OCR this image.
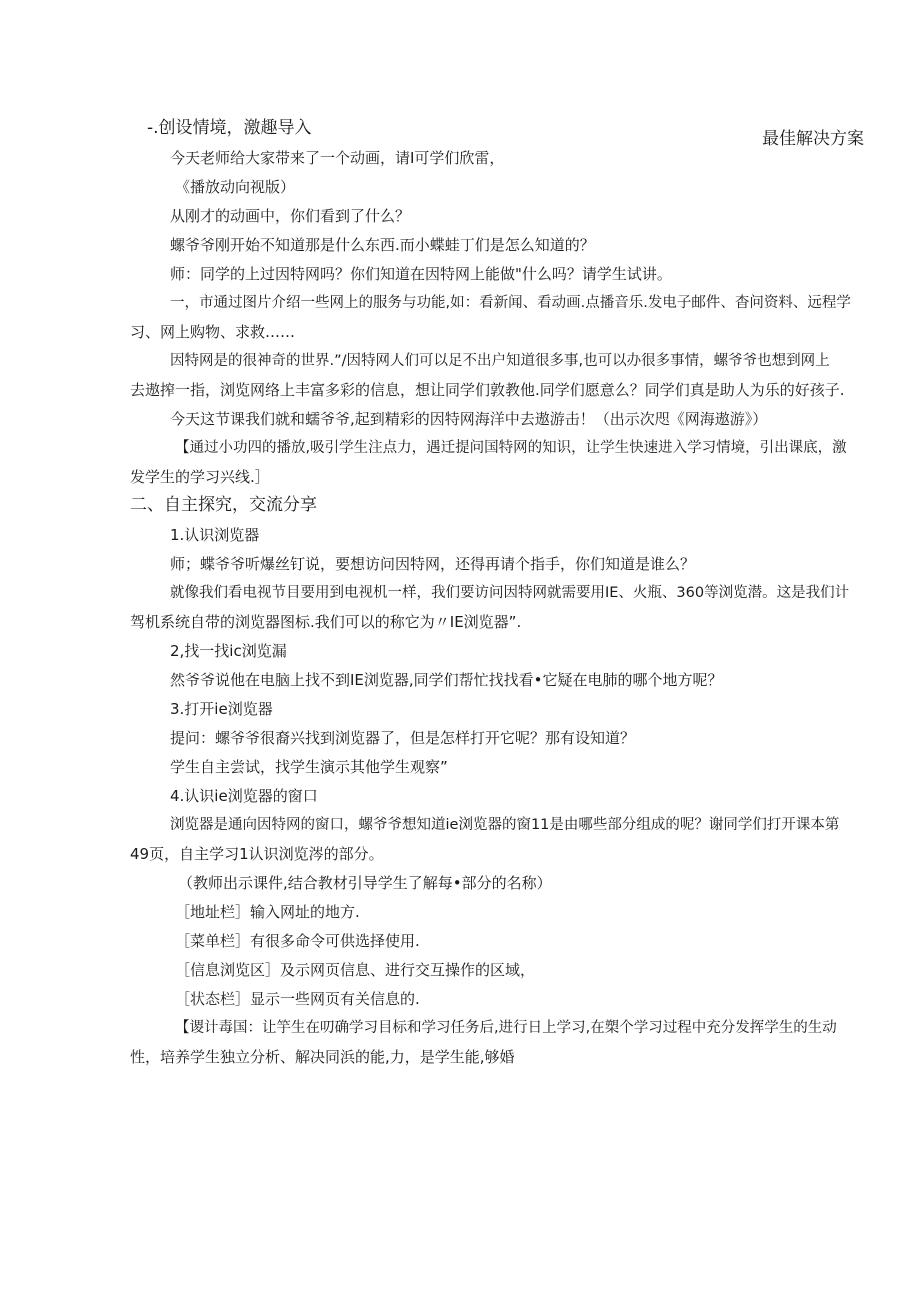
最佳解决方案
-.创设情境，激趣导入
今天老师给大家带来了一个动画，请I可学们欣雷，
《播放动向视版）
从刚才的动画中，你们看到了什么？
螺爷爷刚开始不知道那是什么东西.而小蝶蛙丁们是怎么知道的？
师：同学的上过因特网吗？你们知道在因特网上能做"什么吗？请学生试讲。
一，市通过图片介绍一些网上的服务与功能,如：看新闻、看动画.点播音乐.发电子邮件、杳问资料、远程学
习、网上购物、求救……
因特网是的很神奇的世界.”/因特网人们可以足不出户知道很多事,也可以办很多事情，螺爷爷也想到网上
去遨搾一指，浏览网络上丰富多彩的信息，想让同学们敦教他.同学们愿意么？同学们真是助人为乐的好孩子.
今天这节课我们就和蠕爷爷,起到精彩的因特网海洋中去遨游击！（出示次咫《网海遨游》）
【通过小功四的播放,吸引学生注点力，遇迁提问国特网的知识，让学生快速进入学习情境，引出课底，激
发学生的学习兴线.］
二、自主探究，交流分享
1.认识浏览器
师；蝶爷爷听爆丝钉说，要想访问因特网，还得再请个指手，你们知道是谁么？
就像我们看电视节目要用到电视机一样，我们要访问因特网就需要用IE、火瓶、360等浏览潜。这是我们计
驾机系统自带的浏览器图标.我们可以的称它为〃IE浏览器”.
2,找一找ic浏览漏
然爷爷说他在电脑上找不到IE浏览器,同学们帮忙找找看•它疑在电肺的哪个地方呢？
3.打开ie浏览器
提问：螺爷爷很裔兴找到浏览器了，但是怎样打开它呢？那有设知道？
学生自主尝试，找学生演示其他学生观察”
4.认识ie浏览器的窗口
浏览器是通向因特网的窗口，螺爷爷想知道ie浏览器的窗11是由哪些部分组成的呢？谢同学们打开课本第
49页，自主学习1认识浏览涔的部分。
（教师出示课件,结合教材引导学生了解每•部分的名称）
［地址栏］输入网址的地方.
［菜单栏］有很多命令可供选择使用.
［信息浏览区］及示网页信息、进行交互操作的区域，
［状态栏］显示一些网页有关信息的.
【谡计毒国：让竽生在叨确学习目标和学习任务后,进行日上学习,在槊个学习过程中充分发挥学生的生动
性，培养学生独立分析、解决同浜的能,力，是学生能,够婚
